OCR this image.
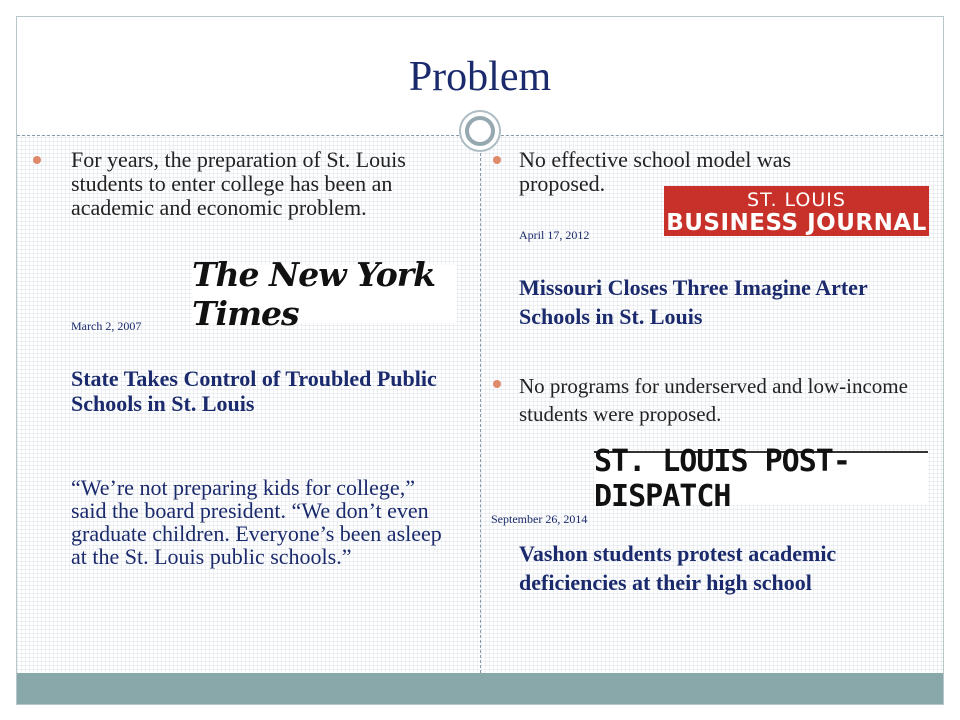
Problem

For years, the preparation of St. Louis students to enter college has been an academic and economic problem.

The New York Times
March 2, 2007

State Takes Control of Troubled Public Schools in St. Louis

“We’re not preparing kids for college,” said the board president. “We don’t even graduate children. Everyone’s been asleep at the St. Louis public schools.”

No effective school model was proposed.

ST. LOUIS
BUSINESS JOURNAL
April 17, 2012

Missouri Closes Three Imagine Arter Schools in St. Louis

No programs for underserved and low-income students were proposed.

ST. LOUIS POST-DISPATCH
September 26, 2014

Vashon students protest academic deficiencies at their high school
